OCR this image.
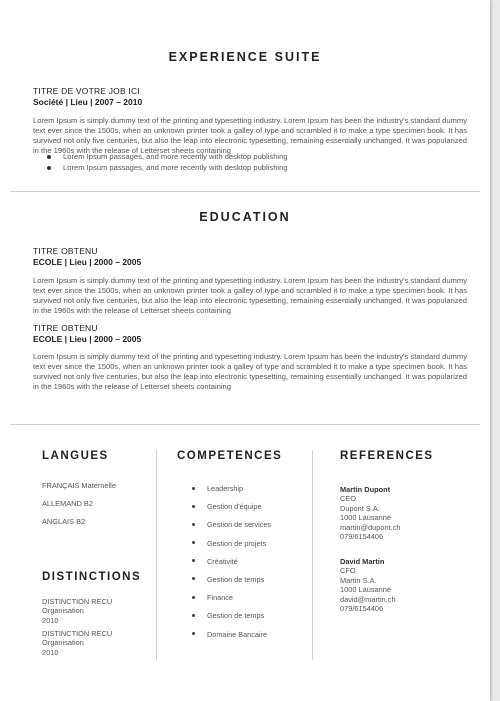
EXPERIENCE SUITE
TITRE DE VOTRE JOB ICI
Société | Lieu | 2007 – 2010
Lorem Ipsum is simply dummy text of the printing and typesetting industry. Lorem Ipsum has been the industry's standard dummy text ever since the 1500s, when an unknown printer took a galley of type and scrambled it to make a type specimen book. It has survived not only five centuries, but also the leap into electronic typesetting, remaining essentially unchanged. It was popularized in the 1960s with the release of Letterset sheets containing
Lorem Ipsum passages, and more recently with desktop publishing
Lorem Ipsum passages, and more recently with desktop publishing
EDUCATION
TITRE OBTENU
ECOLE | Lieu | 2000 – 2005
Lorem Ipsum is simply dummy text of the printing and typesetting industry. Lorem Ipsum has been the industry's standard dummy text ever since the 1500s, when an unknown printer took a galley of type and scrambled it to make a type specimen book. It has survived not only five centuries, but also the leap into electronic typesetting, remaining essentially unchanged. It was popularized in the 1960s with the release of Letterset sheets containing
TITRE OBTENU
ECOLE | Lieu | 2000 – 2005
Lorem Ipsum is simply dummy text of the printing and typesetting industry. Lorem Ipsum has been the industry's standard dummy text ever since the 1500s, when an unknown printer took a galley of type and scrambled it to make a type specimen book. It has survived not only five centuries, but also the leap into electronic typesetting, remaining essentially unchanged. It was popularized in the 1960s with the release of Letterset sheets containing
LANGUES
FRANÇAIS Maternelle
ALLEMAND B2
ANGLAIS B2
DISTINCTIONS
DISTINCTION RECU
Organisation
2010
DISTINCTION RECU
Organisation
2010
COMPETENCES
Leadership
Gestion d'équipe
Gestion de services
Gestion de projets
Créativité
Gestion de temps
Finance
Gestion de temps
Domaine Bancaire
REFERENCES
Martin Dupont
CEO
Dupont S.A.
1000 Lausanne
martin@dupont.ch
079/6154406
David Martin
CFO
Martin S.A.
1000 Lausanne
david@martin.ch
079/6154406
